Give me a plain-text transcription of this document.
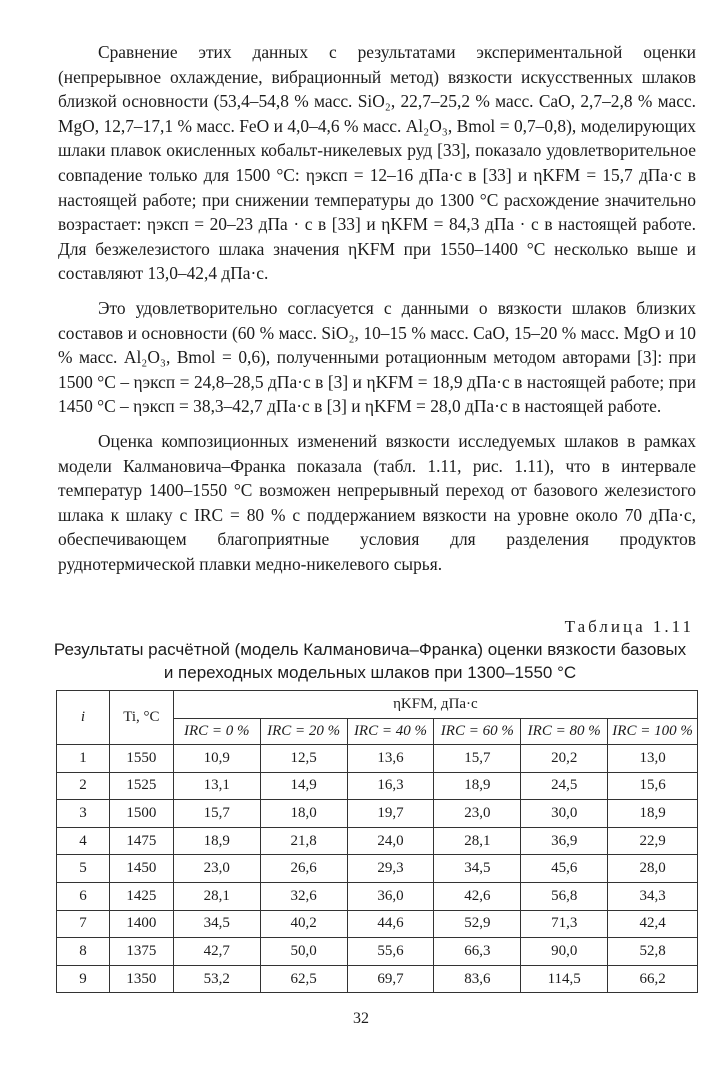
Сравнение этих данных с результатами экспериментальной оценки (непрерывное охлаждение, вибрационный метод) вязкости искусственных шлаков близкой основности (53,4–54,8 % масс. SiO₂, 22,7–25,2 % масс. CaO, 2,7–2,8 % масс. MgO, 12,7–17,1 % масс. FeO и 4,0–4,6 % масс. Al₂O₃, Bmol = 0,7–0,8), моделирующих шлаки плавок окисленных кобальт-никелевых руд [33], показало удовлетворительное совпадение только для 1500 °C: ηэксп = 12–16 дПа·с в [33] и ηKFM = 15,7 дПа·с в настоящей работе; при снижении температуры до 1300 °C расхождение значительно возрастает: ηэксп = 20–23 дПа · с в [33] и ηKFM = 84,3 дПа · с в настоящей работе. Для безжелезистого шлака значения ηKFM при 1550–1400 °C несколько выше и составляют 13,0–42,4 дПа·с.

Это удовлетворительно согласуется с данными о вязкости шлаков близких составов и основности (60 % масс. SiO₂, 10–15 % масс. CaO, 15–20 % масс. MgO и 10 % масс. Al₂O₃, Bmol = 0,6), полученными ротационным методом авторами [3]: при 1500 °C – ηэксп = 24,8–28,5 дПа·с в [3] и ηKFM = 18,9 дПа·с в настоящей работе; при 1450 °C – ηэксп = 38,3–42,7 дПа·с в [3] и ηKFM = 28,0 дПа·с в настоящей работе.

Оценка композиционных изменений вязкости исследуемых шлаков в рамках модели Калмановича–Франка показала (табл. 1.11, рис. 1.11), что в интервале температур 1400–1550 °C возможен непрерывный переход от базового железистого шлака к шлаку с IRC = 80 % с поддержанием вязкости на уровне около 70 дПа·с, обеспечивающем благоприятные условия для разделения продуктов руднотермической плавки медно-никелевого сырья.

Таблица 1.11
Результаты расчётной (модель Калмановича–Франка) оценки вязкости базовых
и переходных модельных шлаков при 1300–1550 °C
i	Ti, °C	ηKFM, дПа·с					
		IRC = 0 %	IRC = 20 %	IRC = 40 %	IRC = 60 %	IRC = 80 %	IRC = 100 %
1	1550	10,9	12,5	13,6	15,7	20,2	13,0
2	1525	13,1	14,9	16,3	18,9	24,5	15,6
3	1500	15,7	18,0	19,7	23,0	30,0	18,9
4	1475	18,9	21,8	24,0	28,1	36,9	22,9
5	1450	23,0	26,6	29,3	34,5	45,6	28,0
6	1425	28,1	32,6	36,0	42,6	56,8	34,3
7	1400	34,5	40,2	44,6	52,9	71,3	42,4
8	1375	42,7	50,0	55,6	66,3	90,0	52,8
9	1350	53,2	62,5	69,7	83,6	114,5	66,2
32
